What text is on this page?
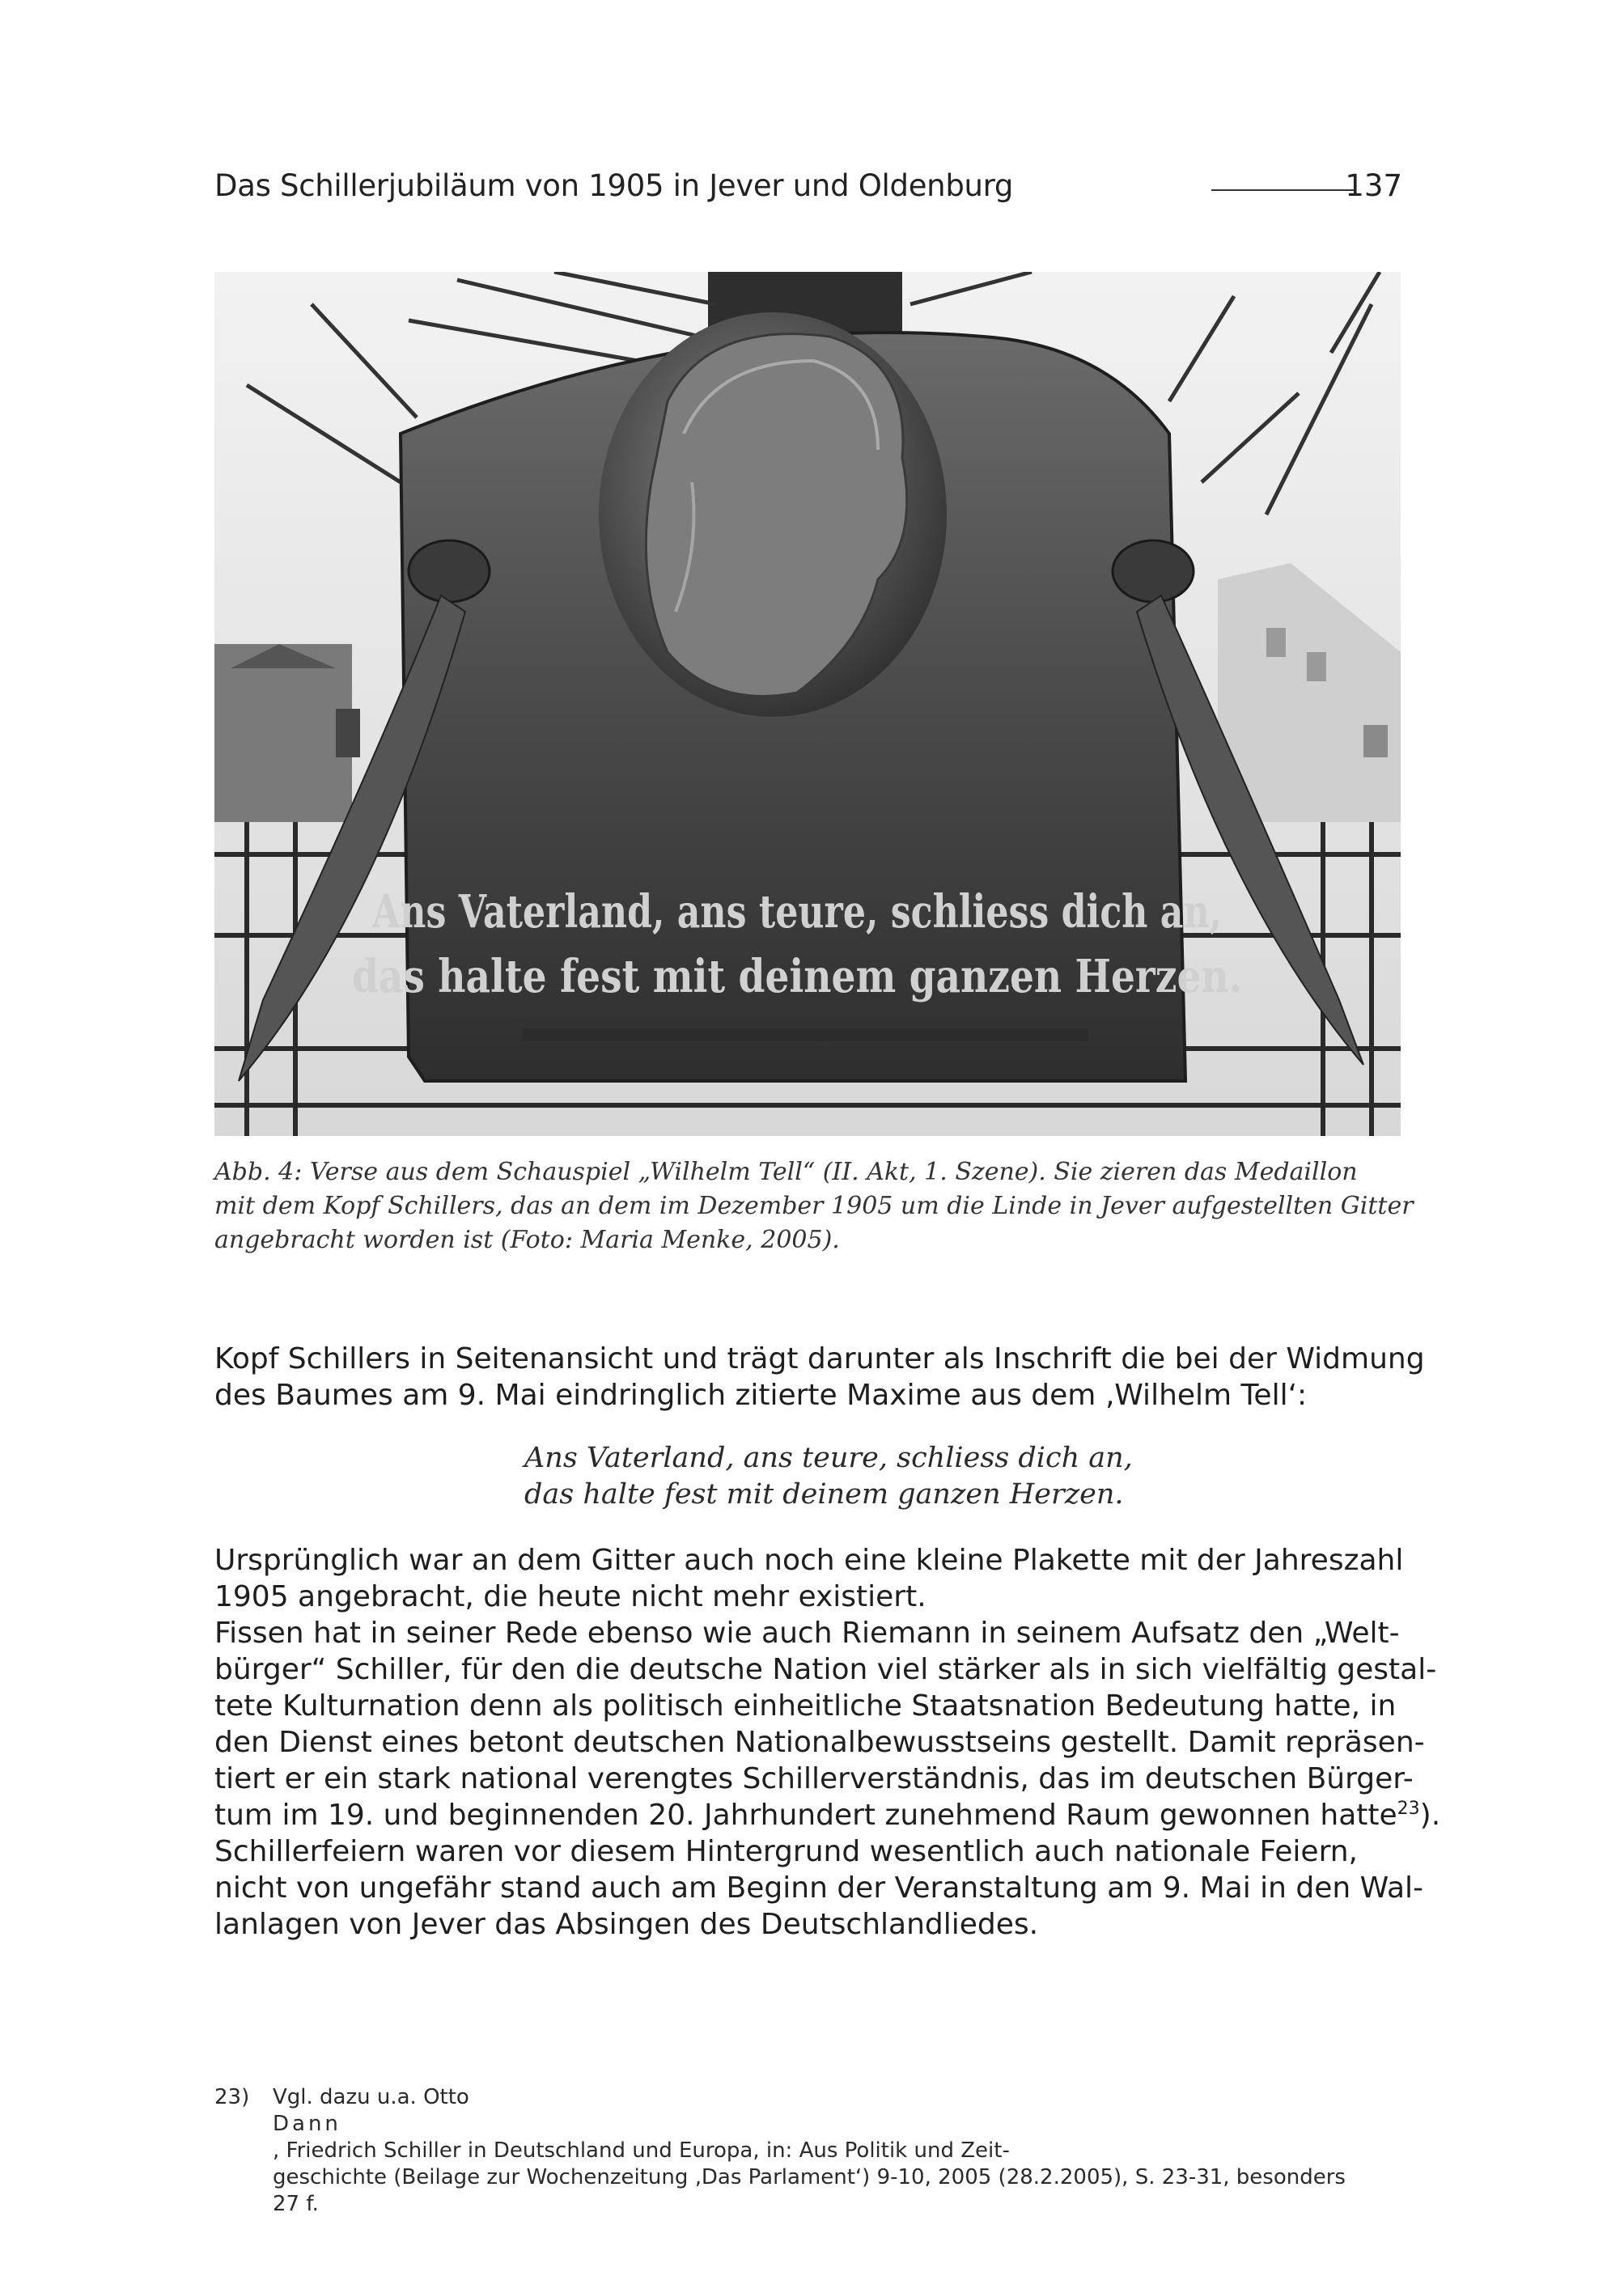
Das Schillerjubiläum von 1905 in Jever und Oldenburg	137
Ans Vaterland, ans teure, schliess dich an,
das halte fest mit deinem ganzen Herzen.
Abb. 4: Verse aus dem Schauspiel „Wilhelm Tell“ (II. Akt, 1. Szene). Sie zieren das Medaillon
mit dem Kopf Schillers, das an dem im Dezember 1905 um die Linde in Jever aufgestellten Gitter
angebracht worden ist (Foto: Maria Menke, 2005).
Kopf Schillers in Seitenansicht und trägt darunter als Inschrift die bei der Widmung
des Baumes am 9. Mai eindringlich zitierte Maxime aus dem ‚Wilhelm Tell‘:
Ans Vaterland, ans teure, schliess dich an,
das halte fest mit deinem ganzen Herzen.
Ursprünglich war an dem Gitter auch noch eine kleine Plakette mit der Jahreszahl
1905 angebracht, die heute nicht mehr existiert.
Fissen hat in seiner Rede ebenso wie auch Riemann in seinem Aufsatz den „Welt-
bürger“ Schiller, für den die deutsche Nation viel stärker als in sich vielfältig gestal-
tete Kulturnation denn als politisch einheitliche Staatsnation Bedeutung hatte, in
den Dienst eines betont deutschen Nationalbewusstseins gestellt. Damit repräsen-
tiert er ein stark national verengtes Schillerverständnis, das im deutschen Bürger-
tum im 19. und beginnenden 20. Jahrhundert zunehmend Raum gewonnen hatte$^{23}$).
Schillerfeiern waren vor diesem Hintergrund wesentlich auch nationale Feiern,
nicht von ungefähr stand auch am Beginn der Veranstaltung am 9. Mai in den Wal-
lanlagen von Jever das Absingen des Deutschlandliedes.
23) Vgl. dazu u.a. Otto
Dann
, Friedrich Schiller in Deutschland und Europa, in: Aus Politik und Zeit-
geschichte (Beilage zur Wochenzeitung ‚Das Parlament‘) 9-10, 2005 (28.2.2005), S. 23-31, besonders
27 f.
